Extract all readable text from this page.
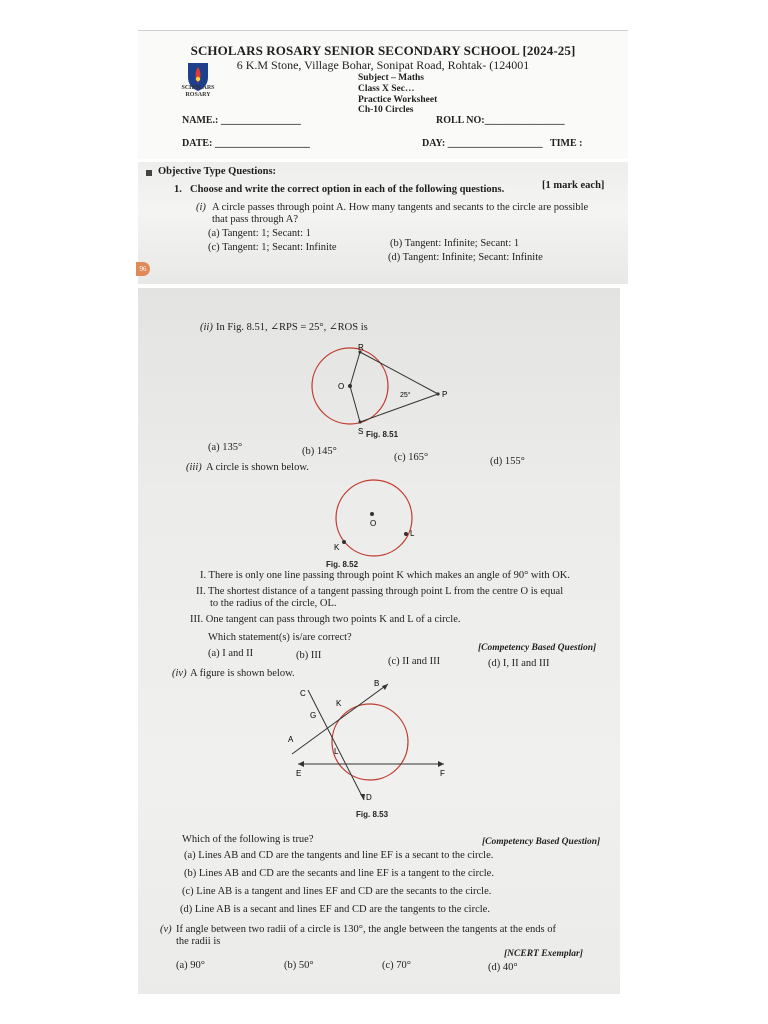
SCHOLARS ROSARY SENIOR SECONDARY SCHOOL [2024-25]
6 K.M Stone, Village Bohar, Sonipat Road, Rohtak- (124001
SCHOLARS
ROSARY
Subject – Maths
Class X Sec…
Practice Worksheet
Ch-10 Circles
NAME.: ________________	ROLL NO:________________
DATE: ___________________	DAY: ___________________ TIME :
Objective Type Questions:
[1 mark each]
1. Choose and write the correct option in each of the following questions.
(i) A circle passes through point A. How many tangents and secants to the circle are possible
that pass through A?
(a) Tangent: 1; Secant: 1
(b) Tangent: Infinite; Secant: 1
(c) Tangent: 1; Secant: Infinite
(d) Tangent: Infinite; Secant: Infinite
96
(ii) In Fig. 8.51, ∠RPS = 25°, ∠ROS is
R
O
S
P
25°
Fig. 8.51
(a) 135°	(b) 145°
(c) 165°	(d) 155°
(iii) A circle is shown below.
O
K
L
Fig. 8.52
I. There is only one line passing through point K which makes an angle of 90° with OK.
II. The shortest distance of a tangent passing through point L from the centre O is equal
to the radius of the circle, OL.
III. One tangent can pass through two points K and L of a circle.
Which statement(s) is/are correct?
[Competency Based Question]
(a) I and II	(b) III
(c) II and III	(d) I, II and III
(iv) A figure is shown below.
B
C
K
G
A
L
E	F
D
Fig. 8.53
Which of the following is true?	[Competency Based Question]
(a) Lines AB and CD are the tangents and line EF is a secant to the circle.
(b) Lines AB and CD are the secants and line EF is a tangent to the circle.
(c) Line AB is a tangent and lines EF and CD are the secants to the circle.
(d) Line AB is a secant and lines EF and CD are the tangents to the circle.
(v) If angle between two radii of a circle is 130°, the angle between the tangents at the ends of
the radii is
[NCERT Exemplar]
(a) 90°	(b) 50°	(c) 70°	(d) 40°
